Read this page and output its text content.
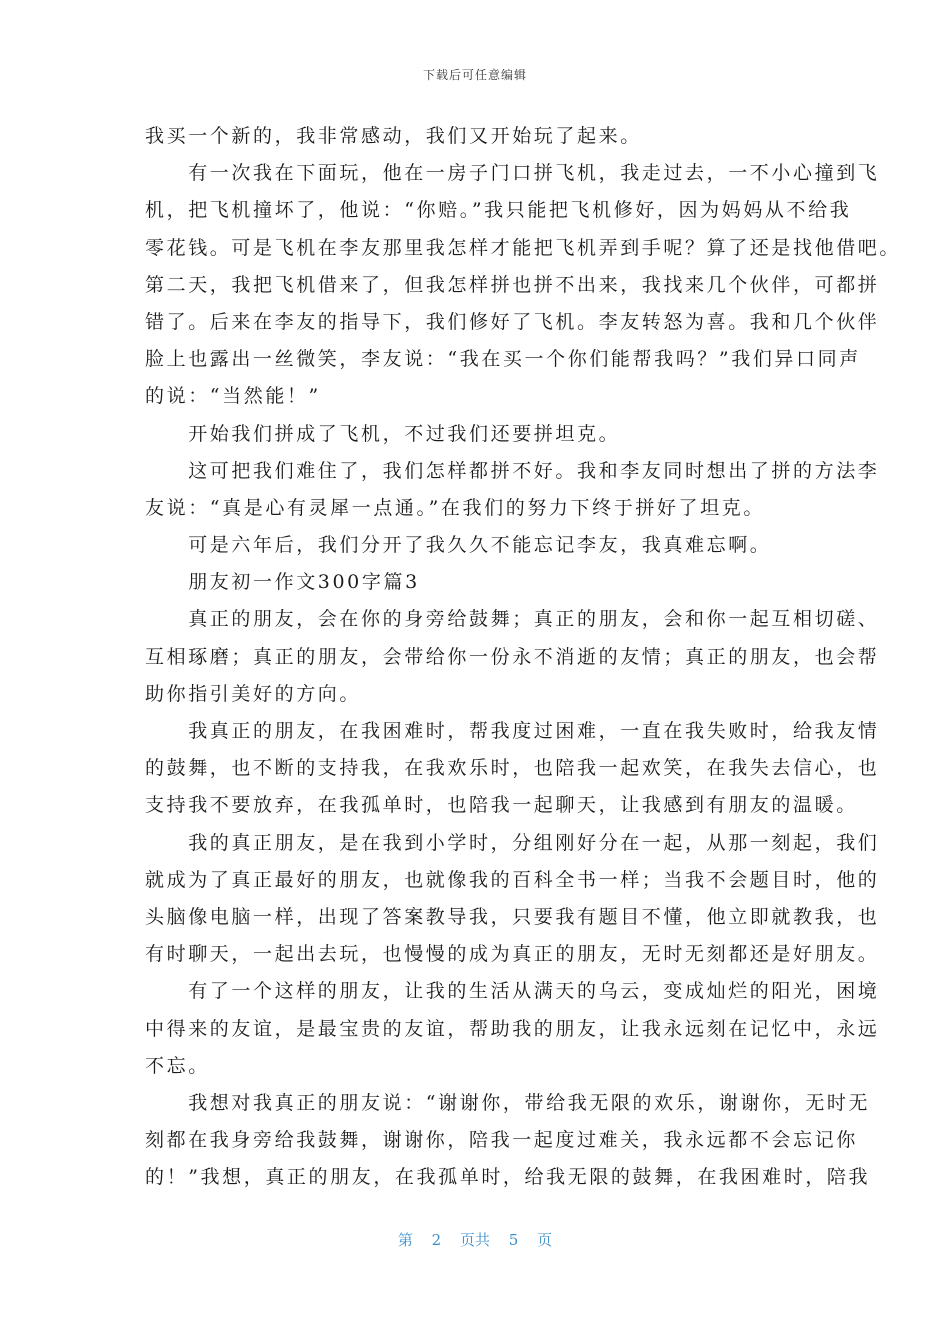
下载后可任意编辑
我买一个新的，我非常感动，我们又开始玩了起来。
　　有一次我在下面玩，他在一房子门口拼飞机，我走过去，一不小心撞到飞
机，把飞机撞坏了，他说：“你赔。”我只能把飞机修好，因为妈妈从不给我
零花钱。可是飞机在李友那里我怎样才能把飞机弄到手呢？算了还是找他借吧。
第二天，我把飞机借来了，但我怎样拼也拼不出来，我找来几个伙伴，可都拼
错了。后来在李友的指导下，我们修好了飞机。李友转怒为喜。我和几个伙伴
脸上也露出一丝微笑，李友说：“我在买一个你们能帮我吗？”我们异口同声
的说：“当然能！”
　　开始我们拼成了飞机，不过我们还要拼坦克。
　　这可把我们难住了，我们怎样都拼不好。我和李友同时想出了拼的方法李
友说：“真是心有灵犀一点通。”在我们的努力下终于拼好了坦克。
　　可是六年后，我们分开了我久久不能忘记李友，我真难忘啊。
　　朋友初一作文300字篇3
　　真正的朋友，会在你的身旁给鼓舞；真正的朋友，会和你一起互相切磋、
互相琢磨；真正的朋友，会带给你一份永不消逝的友情；真正的朋友，也会帮
助你指引美好的方向。
　　我真正的朋友，在我困难时，帮我度过困难，一直在我失败时，给我友情
的鼓舞，也不断的支持我，在我欢乐时，也陪我一起欢笑，在我失去信心，也
支持我不要放弃，在我孤单时，也陪我一起聊天，让我感到有朋友的温暖。
　　我的真正朋友，是在我到小学时，分组刚好分在一起，从那一刻起，我们
就成为了真正最好的朋友，也就像我的百科全书一样；当我不会题目时，他的
头脑像电脑一样，出现了答案教导我，只要我有题目不懂，他立即就教我，也
有时聊天，一起出去玩，也慢慢的成为真正的朋友，无时无刻都还是好朋友。
　　有了一个这样的朋友，让我的生活从满天的乌云，变成灿烂的阳光，困境
中得来的友谊，是最宝贵的友谊，帮助我的朋友，让我永远刻在记忆中，永远
不忘。
　　我想对我真正的朋友说：“谢谢你，带给我无限的欢乐，谢谢你，无时无
刻都在我身旁给我鼓舞，谢谢你，陪我一起度过难关，我永远都不会忘记你
的！”我想，真正的朋友，在我孤单时，给我无限的鼓舞，在我困难时，陪我
第 2 页共 5 页
